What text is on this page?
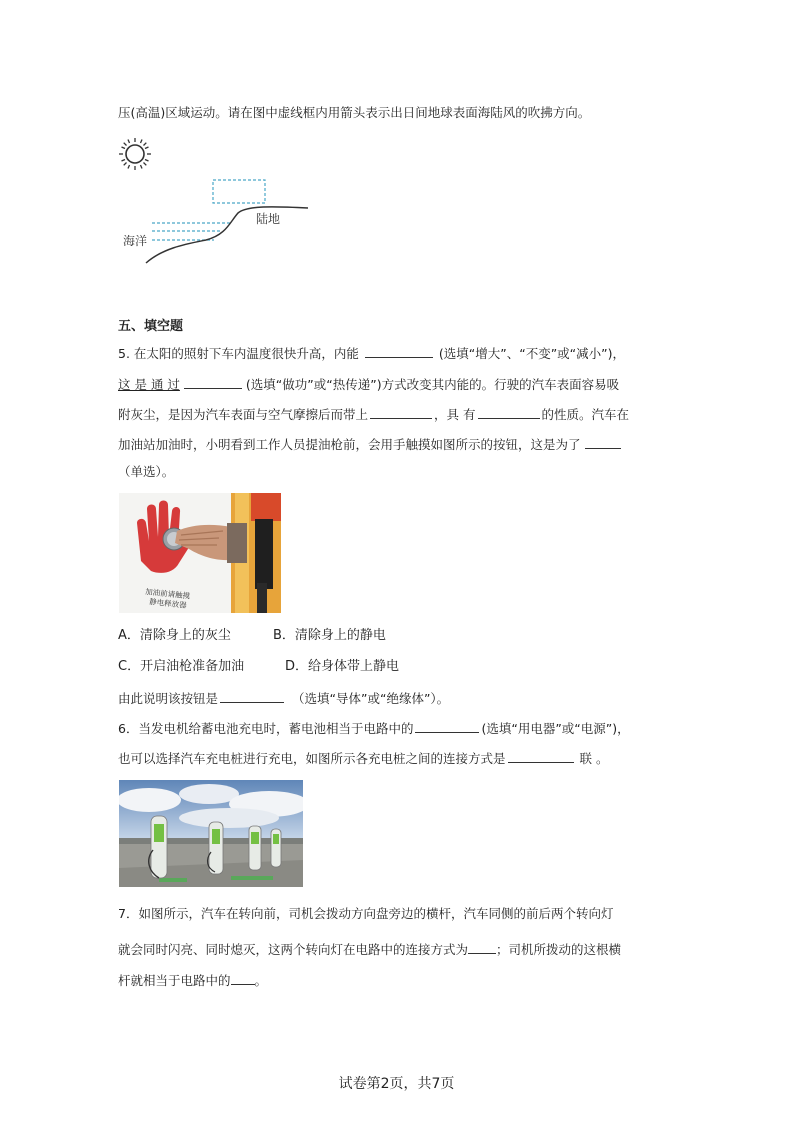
压(高温)区域运动。请在图中虚线框内用箭头表示出日间地球表面海陆风的吹拂方向。
海洋
陆地
五、填空题
5. 在太阳的照射下车内温度很快升高，内能	(选填“增大”、“不变”或“减小”)，
这 是 通 过	(选填“做功”或“热传递”)方式改变其内能的。行驶的汽车表面容易吸
附灰尘，是因为汽车表面与空气摩擦后而带上	，具 有	的性质。汽车在
加油站加油时，小明看到工作人员提油枪前，会用手触摸如图所示的按钮，这是为了
（单选）。
加油前请触摸
静电释放器
A．清除身上的灰尘	B．清除身上的静电
C．开启油枪准备加油	D．给身体带上静电
由此说明该按钮是	（选填“导体”或“绝缘体”）。
6．当发电机给蓄电池充电时，蓄电池相当于电路中的	(选填“用电器”或“电源”)，
也可以选择汽车充电桩进行充电，如图所示各充电桩之间的连接方式是	联 。
7．如图所示，汽车在转向前，司机会拨动方向盘旁边的横杆，汽车同侧的前后两个转向灯
就会同时闪亮、同时熄灭，这两个转向灯在电路中的连接方式为 ；司机所拨动的这根横
杆就相当于电路中的 。
试卷第2页，共7页
